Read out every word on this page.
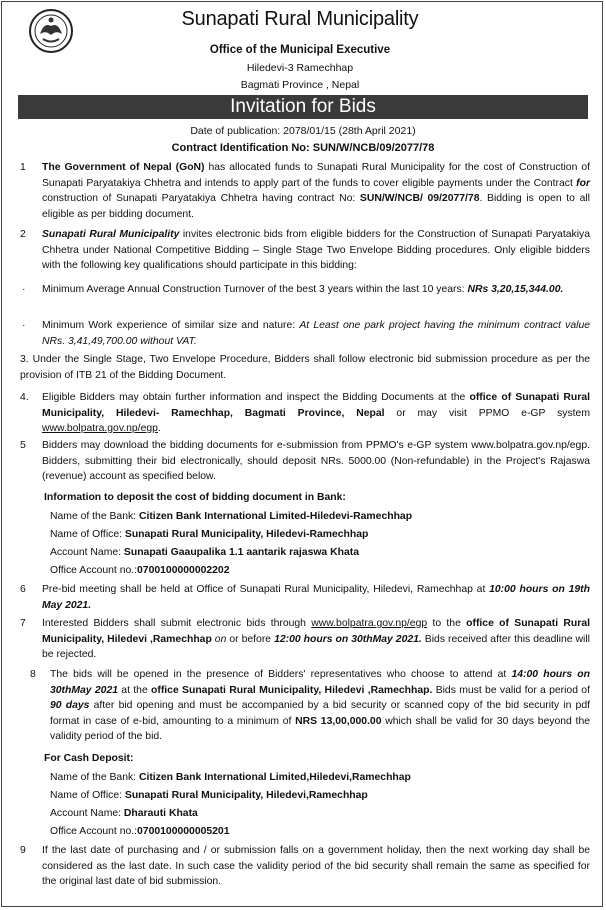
Sunapati Rural Municipality
Office of the Municipal Executive
Hiledevi-3 Ramechhap
Bagmati Province , Nepal
Invitation for Bids
Date of publication: 2078/01/15 (28th April 2021)
Contract Identification No: SUN/W/NCB/09/2077/78
1 The Government of Nepal (GoN) has allocated funds to Sunapati Rural Municipality for the cost of Construction of Sunapati Paryatakiya Chhetra and intends to apply part of the funds to cover eligible payments under the Contract for construction of Sunapati Paryatakiya Chhetra having contract No: SUN/W/NCB/ 09/2077/78. Bidding is open to all eligible as per bidding document.
2 Sunapati Rural Municipality invites electronic bids from eligible bidders for the Construction of Sunapati Paryatakiya Chhetra under National Competitive Bidding – Single Stage Two Envelope Bidding procedures. Only eligible bidders with the following key qualifications should participate in this bidding:
· Minimum Average Annual Construction Turnover of the best 3 years within the last 10 years: NRs 3,20,15,344.00.
· Minimum Work experience of similar size and nature: At Least one park project having the minimum contract value NRs. 3,41,49,700.00 without VAT.
3. Under the Single Stage, Two Envelope Procedure, Bidders shall follow electronic bid submission procedure as per the provision of ITB 21 of the Bidding Document.
4. Eligible Bidders may obtain further information and inspect the Bidding Documents at the office of Sunapati Rural Municipality, Hiledevi- Ramechhap, Bagmati Province, Nepal or may visit PPMO e-GP system www.bolpatra.gov.np/egp.
5 Bidders may download the bidding documents for e-submission from PPMO's e-GP system www.bolpatra.gov.np/egp. Bidders, submitting their bid electronically, should deposit NRs. 5000.00 (Non-refundable) in the Project's Rajaswa (revenue) account as specified below.
Information to deposit the cost of bidding document in Bank:
Name of the Bank: Citizen Bank International Limited-Hiledevi-Ramechhap
Name of Office: Sunapati Rural Municipality, Hiledevi-Ramechhap
Account Name: Sunapati Gaaupalika 1.1 aantarik rajaswa Khata
Office Account no.:0700100000002202
6 Pre-bid meeting shall be held at Office of Sunapati Rural Municipality, Hiledevi, Ramechhap at 10:00 hours on 19th May 2021.
7 Interested Bidders shall submit electronic bids through www.bolpatra.gov.np/egp to the office of Sunapati Rural Municipality, Hiledevi ,Ramechhap on or before 12:00 hours on 30thMay 2021. Bids received after this deadline will be rejected.
8 The bids will be opened in the presence of Bidders' representatives who choose to attend at 14:00 hours on 30thMay 2021 at the office Sunapati Rural Municipality, Hiledevi ,Ramechhap. Bids must be valid for a period of 90 days after bid opening and must be accompanied by a bid security or scanned copy of the bid security in pdf format in case of e-bid, amounting to a minimum of NRS 13,00,000.00 which shall be valid for 30 days beyond the validity period of the bid.
For Cash Deposit:
Name of the Bank: Citizen Bank International Limited,Hiledevi,Ramechhap
Name of Office: Sunapati Rural Municipality, Hiledevi,Ramechhap
Account Name: Dharauti Khata
Office Account no.:0700100000005201
9 If the last date of purchasing and / or submission falls on a government holiday, then the next working day shall be considered as the last date. In such case the validity period of the bid security shall remain the same as specified for the original last date of bid submission.
